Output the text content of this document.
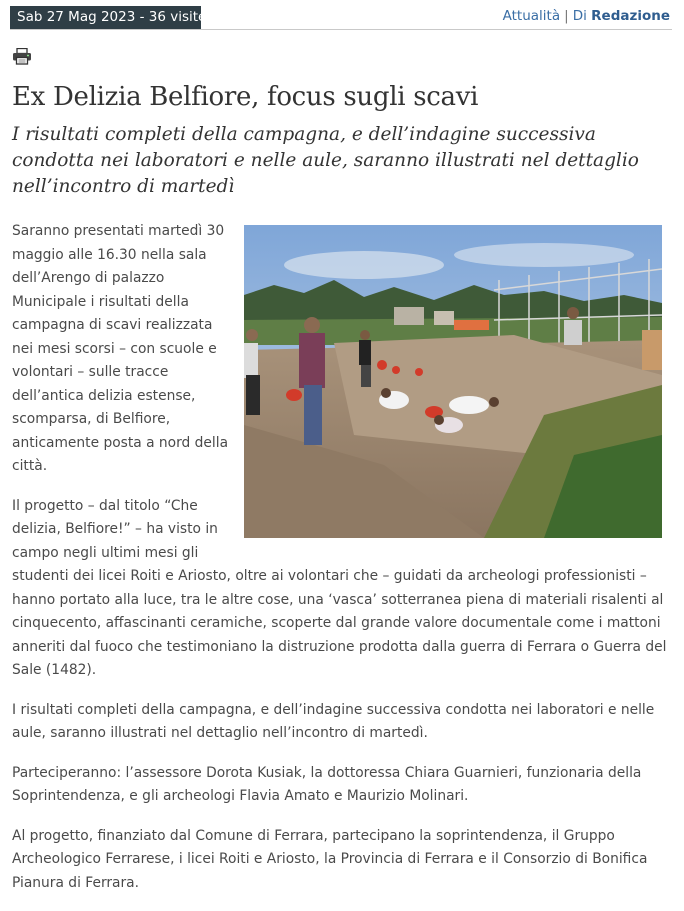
Sab 27 Mag 2023 - 36 visite	Attualità | Di Redazione
Ex Delizia Belfiore, focus sugli scavi

I risultati completi della campagna, e dell’indagine successiva condotta nei laboratori e nelle aule, saranno illustrati nel dettaglio nell’incontro di martedì

Saranno presentati martedì 30 maggio alle 16.30 nella sala dell’Arengo di palazzo Municipale i risultati della campagna di scavi realizzata nei mesi scorsi – con scuole e volontari – sulle tracce dell’antica delizia estense, scomparsa, di Belfiore, anticamente posta a nord della città.

Il progetto – dal titolo “Che delizia, Belfiore!” – ha visto in campo negli ultimi mesi gli studenti dei licei Roiti e Ariosto, oltre ai volontari che – guidati da archeologi professionisti – hanno portato alla luce, tra le altre cose, una ‘vasca’ sotterranea piena di materiali risalenti al cinquecento, affascinanti ceramiche, scoperte dal grande valore documentale come i mattoni anneriti dal fuoco che testimoniano la distruzione prodotta dalla guerra di Ferrara o Guerra del Sale (1482).

I risultati completi della campagna, e dell’indagine successiva condotta nei laboratori e nelle aule, saranno illustrati nel dettaglio nell’incontro di martedì.

Parteciperanno: l’assessore Dorota Kusiak, la dottoressa Chiara Guarnieri, funzionaria della Soprintendenza, e gli archeologi Flavia Amato e Maurizio Molinari.

Al progetto, finanziato dal Comune di Ferrara, partecipano la soprintendenza, il Gruppo Archeologico Ferrarese, i licei Roiti e Ariosto, la Provincia di Ferrara e il Consorzio di Bonifica Pianura di Ferrara.
